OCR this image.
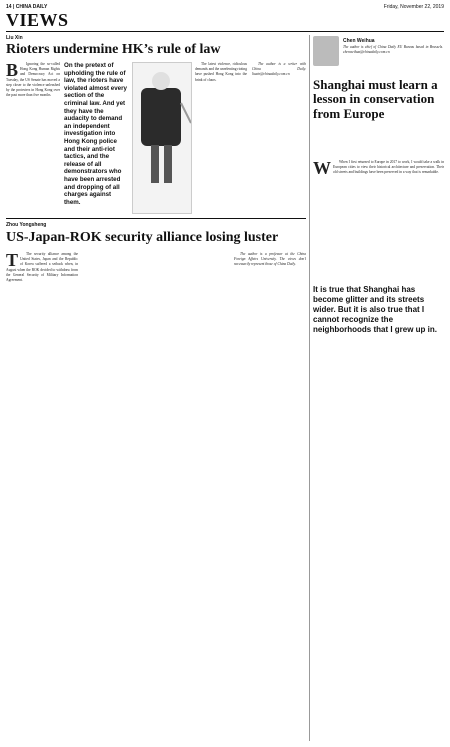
14 | CHINA DAILY	Friday, November 22, 2019
VIEWS
Liu Xin
Rioters undermine HK’s rule of law
B	Ignoring the so-called Hong Kong Human Rights and Democracy Act on Tuesday, the US Senate has moved a step closer to the violence unleashed by the protesters in Hong Kong over the past more than five months.

On the pretext of upholding the rule of law, the rioters have violated almost every section of the criminal law. And yet they have the audacity to demand an independent investigation into Hong Kong police and their anti-riot tactics, and the release of all demonstrators who have been arrested and dropping of all charges against them.

The latest violence, ridiculous demands and the unrelenting rioting have pushed Hong Kong into the brink of chaos.

The author is a writer with China Daily. liuxin@chinadaily.com.cn

Chen Weihua
The author is chief of China Daily EU Bureau based in Brussels. chenweihua@chinadaily.com.cn
Shanghai must learn a lesson in conservation from Europe
W	When I first returned to Europe in 2017 to work, I would take a walk in European cities to view their historical architecture and preservation. Their old streets and buildings have been preserved in a way that is remarkable.

It is true that Shanghai has become glitter and its streets wider. But it is also true that I cannot recognize the neighborhoods that I grew up in.
Zhou Yongsheng
US-Japan-ROK security alliance losing luster
T	The security alliance among the United States, Japan and the Republic of Korea suffered a setback when, in August when the ROK decided to withdraw from the General Security of Military Information Agreement.

The author is a professor at the China Foreign Affairs University. The views don’t necessarily represent those of China Daily.
